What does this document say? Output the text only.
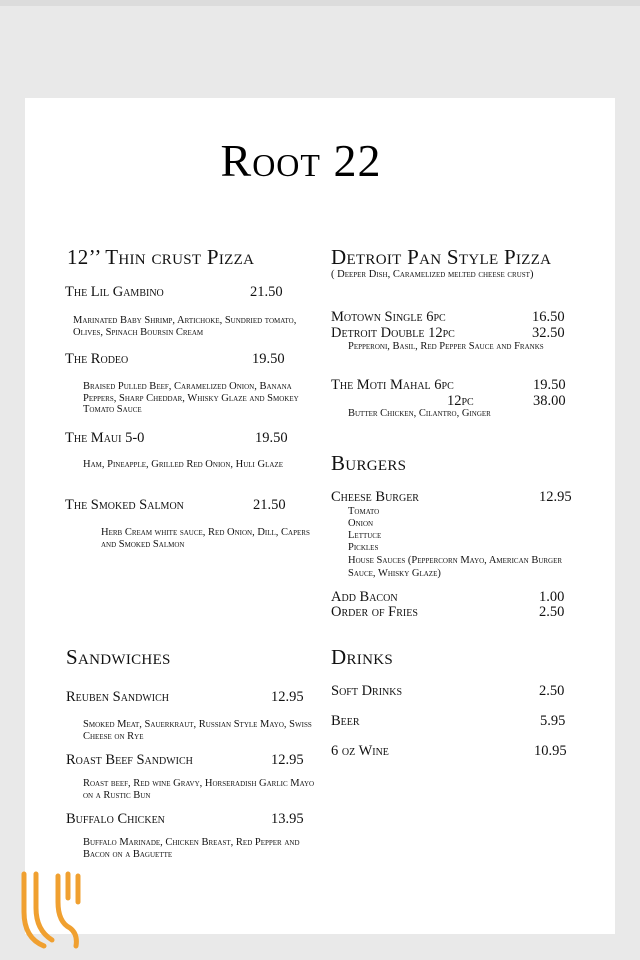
Root 22
12’’ Thin crust Pizza
The Lil Gambino	21.50
Marinated Baby Shrimp, Artichoke, Sundried tomato, Olives, Spinach Boursin Cream
The Rodeo	19.50
Braised Pulled Beef, Caramelized Onion, Banana Peppers, Sharp Cheddar, Whisky Glaze and Smokey Tomato Sauce
The Maui 5-0	19.50
Ham, Pineapple, Grilled Red Onion, Huli Glaze
The Smoked Salmon	21.50
Herb Cream white sauce, Red Onion, Dill, Capers and Smoked Salmon
Detroit Pan Style Pizza
( Deeper Dish, Caramelized melted cheese crust)
Motown Single 6pc	16.50
Detroit Double 12pc	32.50
Pepperoni, Basil, Red Pepper Sauce and Franks
The Moti Mahal 6pc	19.50
12pc	38.00
Butter Chicken, Cilantro, Ginger
Burgers
Cheese Burger	12.95
Tomato
Onion
Lettuce
Pickles
House Sauces (Peppercorn Mayo, American Burger Sauce, Whisky Glaze)
Add Bacon	1.00
Order of Fries	2.50
Sandwiches
Reuben Sandwich	12.95
Smoked Meat, Sauerkraut, Russian Style Mayo, Swiss Cheese on Rye
Roast Beef Sandwich	12.95
Roast beef, Red wine Gravy, Horseradish Garlic Mayo on a Rustic Bun
Buffalo Chicken	13.95
Buffalo Marinade, Chicken Breast, Red Pepper and Bacon on a Baguette
Drinks
Soft Drinks	2.50
Beer	5.95
6 oz Wine	10.95
